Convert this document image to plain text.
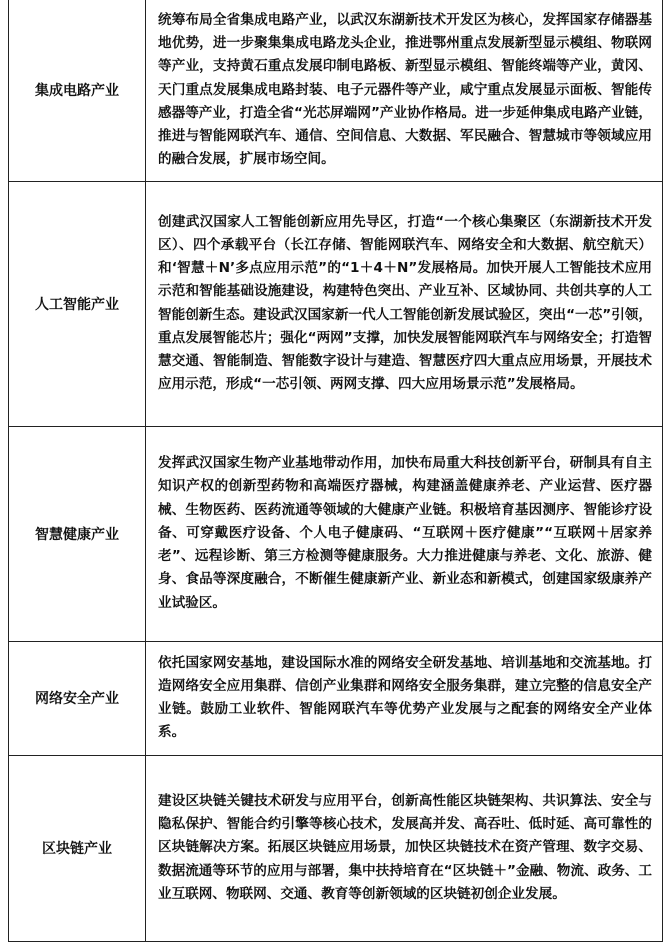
集成电路产业	统筹布局全省集成电路产业，以武汉东湖新技术开发区为核心，发挥国家存储器基地优势，进一步聚集集成电路龙头企业，推进鄂州重点发展新型显示模组、物联网等产业，支持黄石重点发展印制电路板、新型显示模组、智能终端等产业，黄冈、天门重点发展集成电路封装、电子元器件等产业，咸宁重点发展显示面板、智能传感器等产业，打造全省“光芯屏端网”产业协作格局。进一步延伸集成电路产业链，推进与智能网联汽车、通信、空间信息、大数据、军民融合、智慧城市等领域应用的融合发展，扩展市场空间。
人工智能产业	创建武汉国家人工智能创新应用先导区，打造“一个核心集聚区（东湖新技术开发区）、四个承载平台（长江存储、智能网联汽车、网络安全和大数据、航空航天）和‘智慧＋N’多点应用示范”的“1＋4＋N”发展格局。加快开展人工智能技术应用示范和智能基础设施建设，构建特色突出、产业互补、区域协同、共创共享的人工智能创新生态。建设武汉国家新一代人工智能创新发展试验区，突出“一芯”引领，重点发展智能芯片；强化“两网”支撑，加快发展智能网联汽车与网络安全；打造智慧交通、智能制造、智能数字设计与建造、智慧医疗四大重点应用场景，开展技术应用示范，形成“一芯引领、两网支撑、四大应用场景示范”发展格局。
智慧健康产业	发挥武汉国家生物产业基地带动作用，加快布局重大科技创新平台，研制具有自主知识产权的创新型药物和高端医疗器械，构建涵盖健康养老、产业运营、医疗器械、生物医药、医药流通等领域的大健康产业链。积极培育基因测序、智能诊疗设备、可穿戴医疗设备、个人电子健康码、“互联网＋医疗健康”“互联网＋居家养老”、远程诊断、第三方检测等健康服务。大力推进健康与养老、文化、旅游、健身、食品等深度融合，不断催生健康新产业、新业态和新模式，创建国家级康养产业试验区。
网络安全产业	依托国家网安基地，建设国际水准的网络安全研发基地、培训基地和交流基地。打造网络安全应用集群、信创产业集群和网络安全服务集群，建立完整的信息安全产业链。鼓励工业软件、智能网联汽车等优势产业发展与之配套的网络安全产业体系。
区块链产业	建设区块链关键技术研发与应用平台，创新高性能区块链架构、共识算法、安全与隐私保护、智能合约引擎等核心技术，发展高并发、高吞吐、低时延、高可靠性的区块链解决方案。拓展区块链应用场景，加快区块链技术在资产管理、数字交易、数据流通等环节的应用与部署，集中扶持培育在“区块链＋”金融、物流、政务、工业互联网、物联网、交通、教育等创新领域的区块链初创企业发展。
